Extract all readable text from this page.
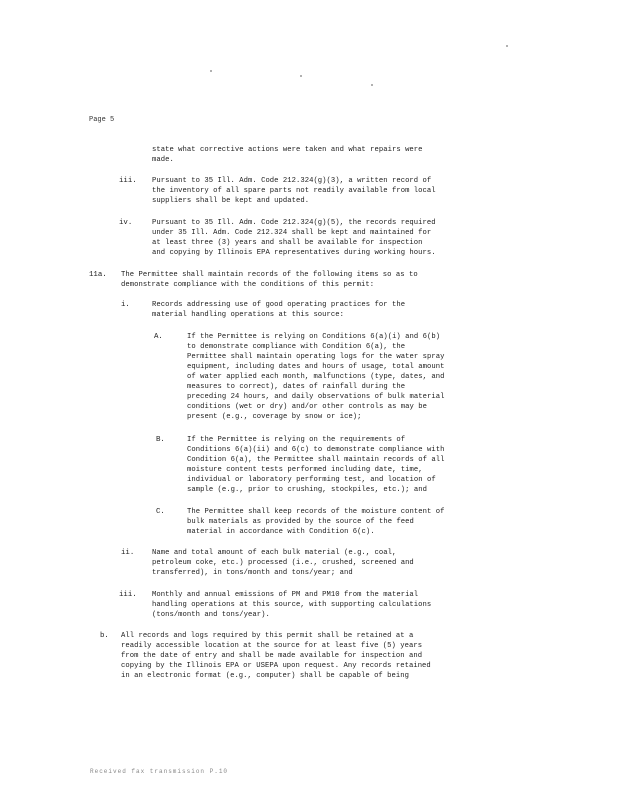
Page 5
state what corrective actions were taken and what repairs were
made.
iii. Pursuant to 35 Ill. Adm. Code 212.324(g)(3), a written record of
the inventory of all spare parts not readily available from local
suppliers shall be kept and updated.
iv.	Pursuant to 35 Ill. Adm. Code 212.324(g)(5), the records required
under 35 Ill. Adm. Code 212.324 shall be kept and maintained for
at least three (3) years and shall be available for inspection
and copying by Illinois EPA representatives during working hours.
11a. The Permittee shall maintain records of the following items so as to
demonstrate compliance with the conditions of this permit:
i.	Records addressing use of good operating practices for the
material handling operations at this source:
A.	If the Permittee is relying on Conditions 6(a)(i) and 6(b)
to demonstrate compliance with Condition 6(a), the
Permittee shall maintain operating logs for the water spray
equipment, including dates and hours of usage, total amount
of water applied each month, malfunctions (type, dates, and
measures to correct), dates of rainfall during the
preceding 24 hours, and daily observations of bulk material
conditions (wet or dry) and/or other controls as may be
present (e.g., coverage by snow or ice);
B.	If the Permittee is relying on the requirements of
Conditions 6(a)(ii) and 6(c) to demonstrate compliance with
Condition 6(a), the Permittee shall maintain records of all
moisture content tests performed including date, time,
individual or laboratory performing test, and location of
sample (e.g., prior to crushing, stockpiles, etc.); and
C.	The Permittee shall keep records of the moisture content of
bulk materials as provided by the source of the feed
material in accordance with Condition 6(c).
ii. Name and total amount of each bulk material (e.g., coal,
petroleum coke, etc.) processed (i.e., crushed, screened and
transferred), in tons/month and tons/year; and
iii. Monthly and annual emissions of PM and PM10 from the material
handling operations at this source, with supporting calculations
(tons/month and tons/year).
b. All records and logs required by this permit shall be retained at a
readily accessible location at the source for at least five (5) years
from the date of entry and shall be made available for inspection and
copying by the Illinois EPA or USEPA upon request. Any records retained
in an electronic format (e.g., computer) shall be capable of being
Received fax transmission P.10
